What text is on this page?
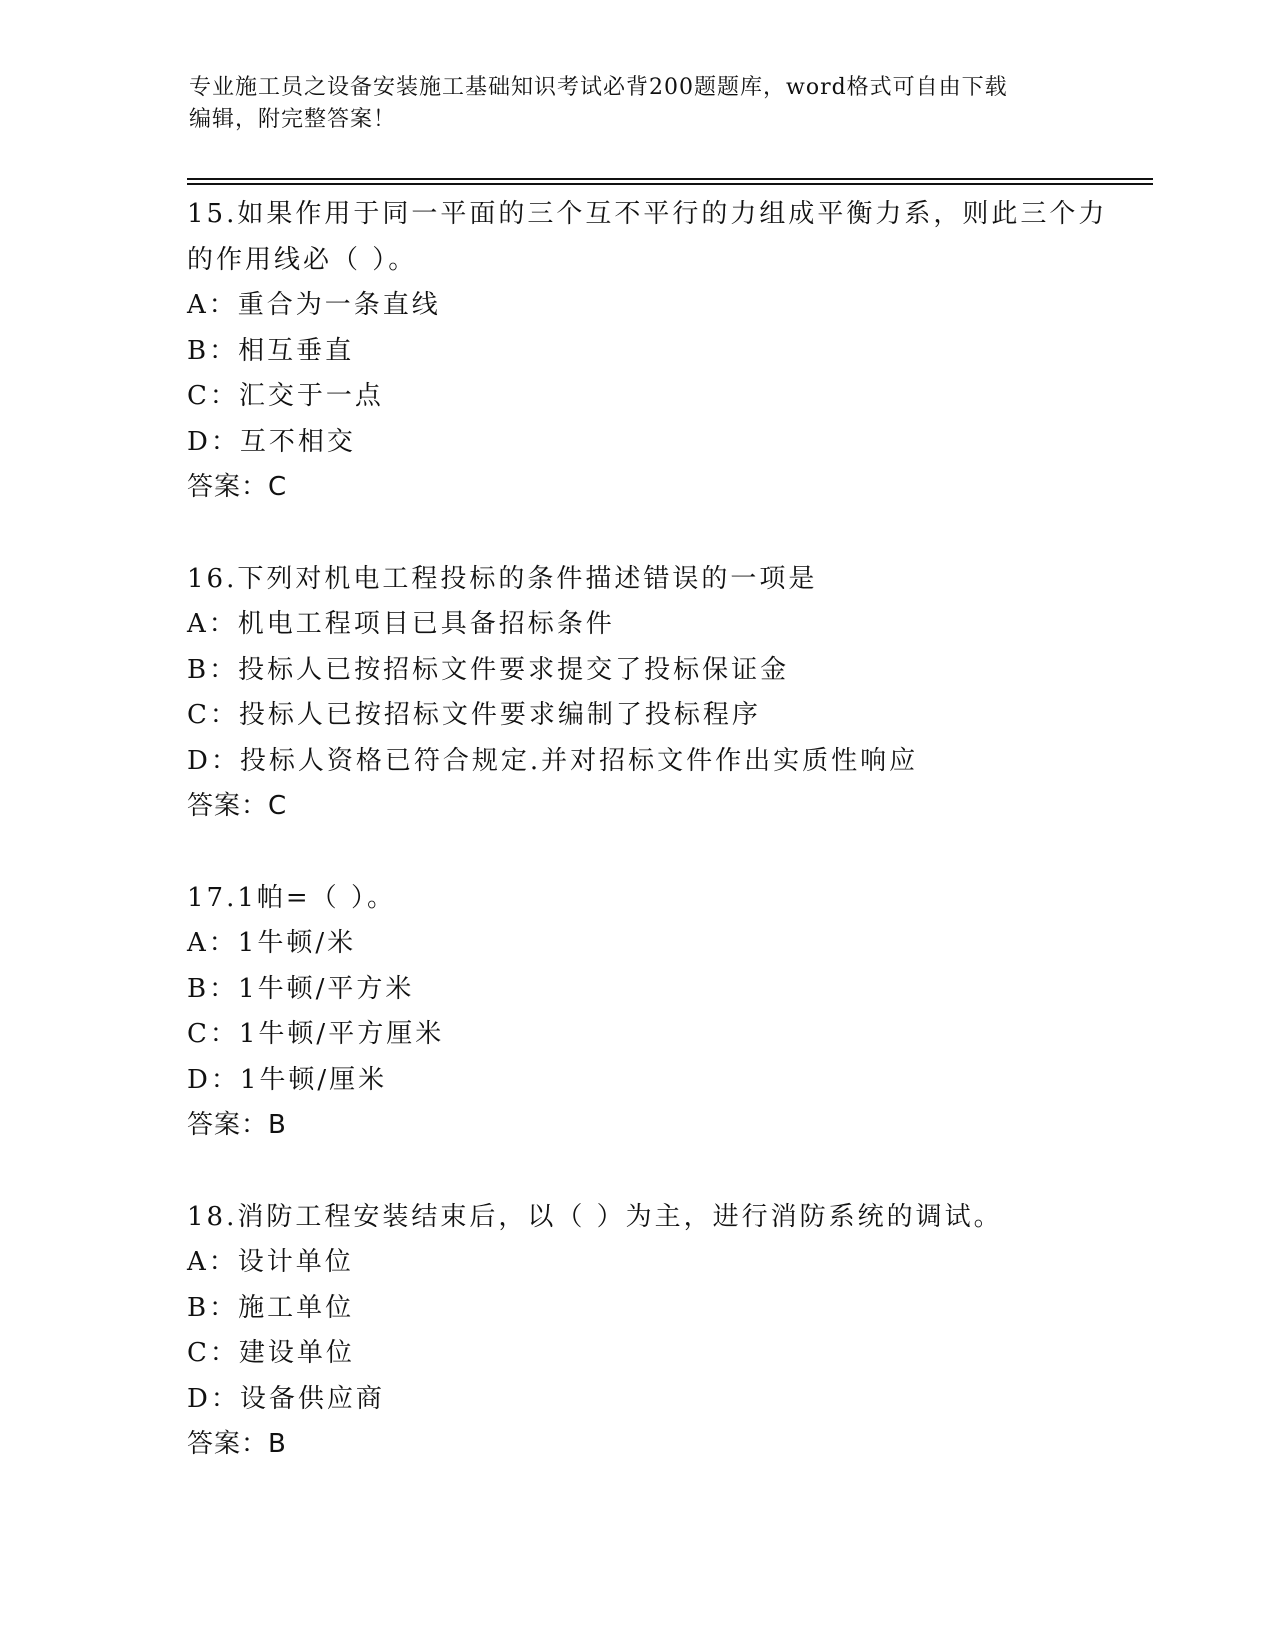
专业施工员之设备安装施工基础知识考试必背200题题库，word格式可自由下载
编辑，附完整答案！
15.如果作用于同一平面的三个互不平行的力组成平衡力系，则此三个力的作用线必（ ）。
A：重合为一条直线
B：相互垂直
C：汇交于一点
D：互不相交
答案：C
16.下列对机电工程投标的条件描述错误的一项是
A：机电工程项目已具备招标条件
B：投标人已按招标文件要求提交了投标保证金
C：投标人已按招标文件要求编制了投标程序
D：投标人资格已符合规定.并对招标文件作出实质性响应
答案：C
17.1帕=（ ）。
A：1牛顿/米
B：1牛顿/平方米
C：1牛顿/平方厘米
D：1牛顿/厘米
答案：B
18.消防工程安装结束后，以（ ）为主，进行消防系统的调试。
A：设计单位
B：施工单位
C：建设单位
D：设备供应商
答案：B
